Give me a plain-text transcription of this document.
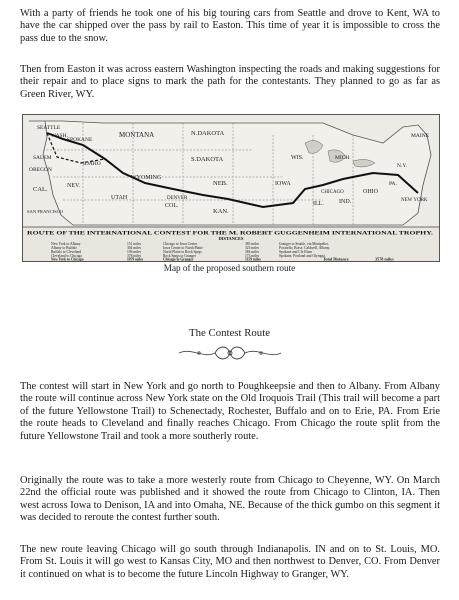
With a party of friends he took one of his big touring cars from Seattle and drove to Kent, WA to have the car shipped over the pass by rail to Easton. This time of year it is impossible to cross the pass due to the snow.

Then from Easton it was across eastern Washington inspecting the roads and making suggestions for their repair and to place signs to mark the path for the contestants. They planned to go as far as Green River, WY.

SEATTLE
SPOKANE
SALEM
WASH.
OREGON
IDAHO
MONTANA	N.DAKOTA
S.DAKOTA
WYOMING
NEB.	IOWA
ILL.	IND.
OHIO
KAN.
COL.
UTAH
NEV.
CAL.
WIS.	MICH.
PA.
N.Y.
MAINE
DENVER
CHICAGO
NEW YORK
SAN FRANCISCO
ROUTE OF THE INTERNATIONAL CONTEST FOR THE M. ROBERT GUGGENHEIM INTERNATIONAL TROPHY.
DISTANCES
New York to Albany	151 miles	Chicago to Iowa Center	383 miles	Granger to Seattle, via Montpelier,
Albany to Buffalo	304 miles	Iowa Center to North Platte	323 miles	Pocatello, Boise, Caldwell, Albany,
Buffalo to Cleveland	196 miles	North Platte to Rock Sprgs	384 miles	Spokane and Cle Elum
Cleveland to Chicago	378 miles	Rock Sprgs to Granger	173 miles	Spokane, Portland and Olympia
New York to Chicago	1079 miles	Chicago to Granger	1159 miles	Total Distance	3578 miles
Map of the proposed southern route
The Contest Route

The contest will start in New York and go north to Poughkeepsie and then to Albany. From Albany the route will continue across New York state on the Old Iroquois Trail (This trail will become a part of the future Yellowstone Trail) to Schenectady, Rochester, Buffalo and on to Erie, PA. From Erie the route heads to Cleveland and finally reaches Chicago. From Chicago the route split from the future Yellowstone Trail and took a more southerly route.

Originally the route was to take a more westerly route from Chicago to Cheyenne, WY. On March 22nd the official route was published and it showed the route from Chicago to Clinton, IA. Then west across Iowa to Denison, IA and into Omaha, NE. Because of the thick gumbo on this segment it was decided to reroute the contest further south.

The new route leaving Chicago will go south through Indianapolis. IN and on to St. Louis, MO. From St. Louis it will go west to Kansas City, MO and then northwest to Denver, CO. From Denver it continued on what is to become the future Lincoln Highway to Granger, WY.
